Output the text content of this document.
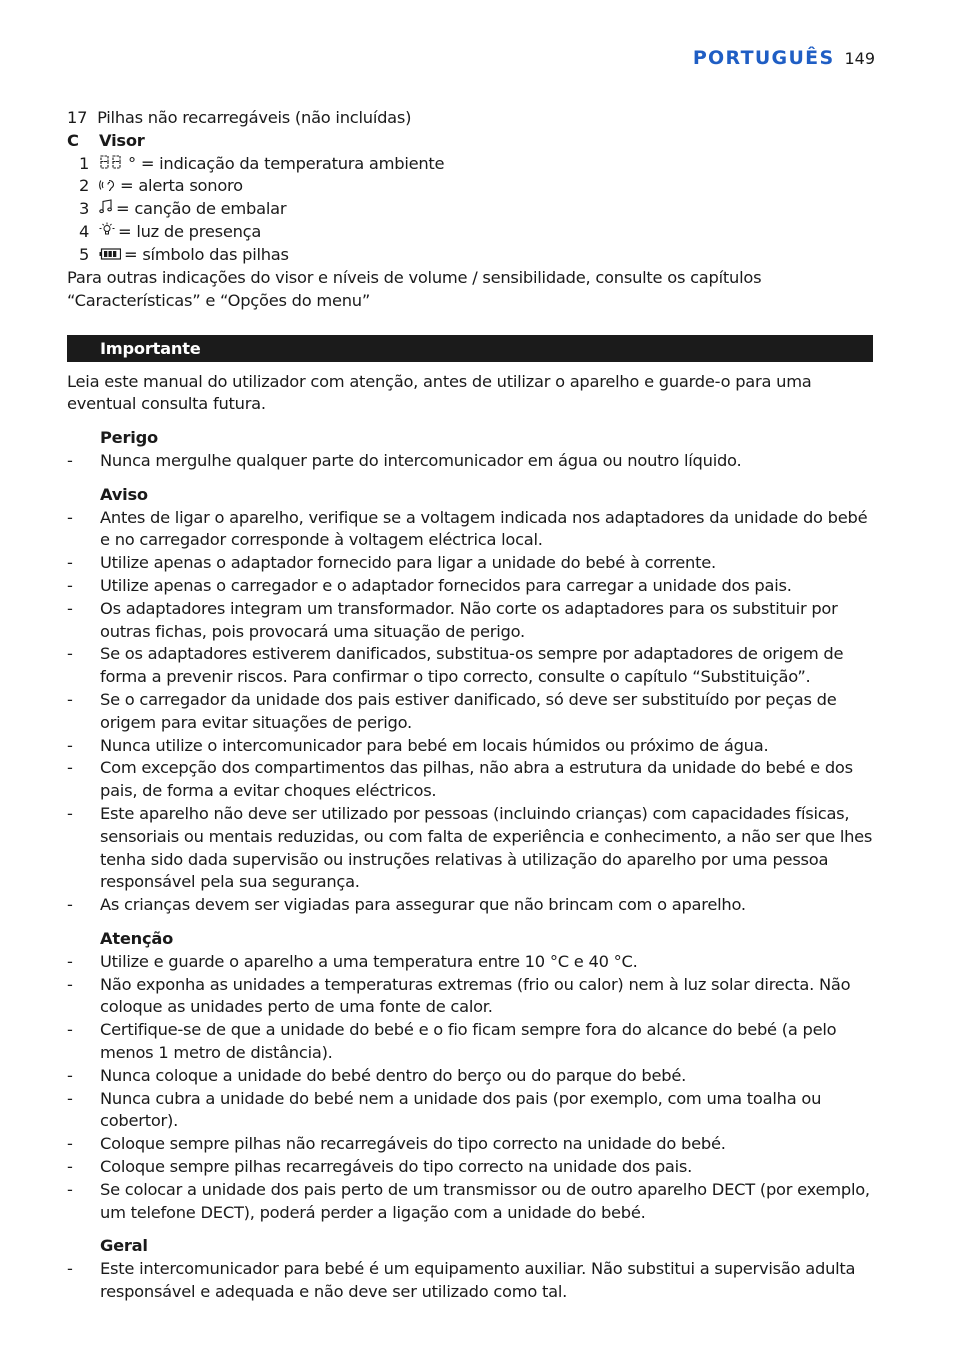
PORTUGUÊS 149
17  Pilhas não recarregáveis (não incluídas)
C Visor
1 ° = indicação da temperatura ambiente
2 = alerta sonoro
3 = canção de embalar
4 = luz de presença
5 = símbolo das pilhas

Para outras indicações do visor e níveis de volume / sensibilidade, consulte os capítulos “Características” e “Opções do menu”

Importante

Leia este manual do utilizador com atenção, antes de utilizar o aparelho e guarde-o para uma eventual consulta futura.

Perigo
- Nunca mergulhe qualquer parte do intercomunicador em água ou noutro líquido.
Aviso
- Antes de ligar o aparelho, verifique se a voltagem indicada nos adaptadores da unidade do bebé e no carregador corresponde à voltagem eléctrica local.
- Utilize apenas o adaptador fornecido para ligar a unidade do bebé à corrente.
- Utilize apenas o carregador e o adaptador fornecidos para carregar a unidade dos pais.
- Os adaptadores integram um transformador. Não corte os adaptadores para os substituir por outras fichas, pois provocará uma situação de perigo.
- Se os adaptadores estiverem danificados, substitua-os sempre por adaptadores de origem de forma a prevenir riscos. Para confirmar o tipo correcto, consulte o capítulo “Substituição”.
- Se o carregador da unidade dos pais estiver danificado, só deve ser substituído por peças de origem para evitar situações de perigo.
- Nunca utilize o intercomunicador para bebé em locais húmidos ou próximo de água.
- Com excepção dos compartimentos das pilhas, não abra a estrutura da unidade do bebé e dos pais, de forma a evitar choques eléctricos.
- Este aparelho não deve ser utilizado por pessoas (incluindo crianças) com capacidades físicas, sensoriais ou mentais reduzidas, ou com falta de experiência e conhecimento, a não ser que lhes tenha sido dada supervisão ou instruções relativas à utilização do aparelho por uma pessoa responsável pela sua segurança.
- As crianças devem ser vigiadas para assegurar que não brincam com o aparelho.
Atenção
- Utilize e guarde o aparelho a uma temperatura entre 10 °C e 40 °C.
- Não exponha as unidades a temperaturas extremas (frio ou calor) nem à luz solar directa. Não coloque as unidades perto de uma fonte de calor.
- Certifique-se de que a unidade do bebé e o fio ficam sempre fora do alcance do bebé (a pelo menos 1 metro de distância).
- Nunca coloque a unidade do bebé dentro do berço ou do parque do bebé.
- Nunca cubra a unidade do bebé nem a unidade dos pais (por exemplo, com uma toalha ou cobertor).
- Coloque sempre pilhas não recarregáveis do tipo correcto na unidade do bebé.
- Coloque sempre pilhas recarregáveis do tipo correcto na unidade dos pais.
- Se colocar a unidade dos pais perto de um transmissor ou de outro aparelho DECT (por exemplo, um telefone DECT), poderá perder a ligação com a unidade do bebé.
Geral
- Este intercomunicador para bebé é um equipamento auxiliar. Não substitui a supervisão adulta responsável e adequada e não deve ser utilizado como tal.
